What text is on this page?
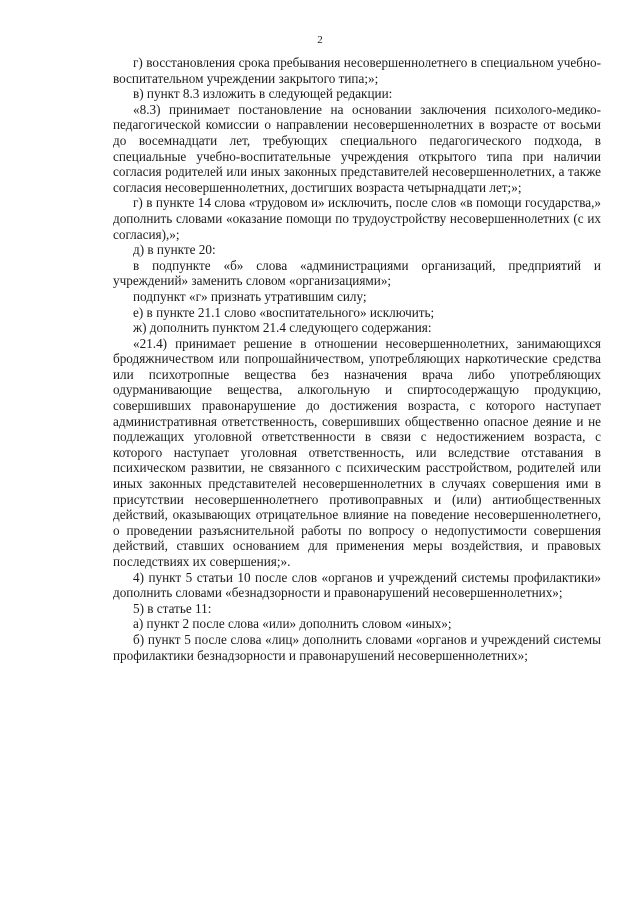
2

г) восстановления срока пребывания несовершеннолетнего в специальном учебно-воспитательном учреждении закрытого типа;»;

в) пункт 8.3 изложить в следующей редакции:

«8.3) принимает постановление на основании заключения психолого-медико-педагогической комиссии о направлении несовершеннолетних в возрасте от восьми до восемнадцати лет, требующих специального педагогического подхода, в специальные учебно-воспитательные учреждения открытого типа при наличии согласия родителей или иных законных представителей несовершеннолетних, а также согласия несовершеннолетних, достигших возраста четырнадцати лет;»;

г) в пункте 14 слова «трудовом и» исключить, после слов «в помощи государства,» дополнить словами «оказание помощи по трудоустройству несовершеннолетних (с их согласия),»;

д) в пункте 20:

в подпункте «б» слова «администрациями организаций, предприятий и учреждений» заменить словом «организациями»;

подпункт «г» признать утратившим силу;

е) в пункте 21.1 слово «воспитательного» исключить;

ж) дополнить пунктом 21.4 следующего содержания:

«21.4) принимает решение в отношении несовершеннолетних, занимающихся бродяжничеством или попрошайничеством, употребляющих наркотические средства или психотропные вещества без назначения врача либо употребляющих одурманивающие вещества, алкогольную и спиртосодержащую продукцию, совершивших правонарушение до достижения возраста, с которого наступает административная ответственность, совершивших общественно опасное деяние и не подлежащих уголовной ответственности в связи с недостижением возраста, с которого наступает уголовная ответственность, или вследствие отставания в психическом развитии, не связанного с психическим расстройством, родителей или иных законных представителей несовершеннолетних в случаях совершения ими в присутствии несовершеннолетнего противоправных и (или) антиобщественных действий, оказывающих отрицательное влияние на поведение несовершеннолетнего, о проведении разъяснительной работы по вопросу о недопустимости совершения действий, ставших основанием для применения меры воздействия, и правовых последствиях их совершения;».

4) пункт 5 статьи 10 после слов «органов и учреждений системы профилактики» дополнить словами «безнадзорности и правонарушений несовершеннолетних»;

5) в статье 11:

а) пункт 2 после слова «или» дополнить словом «иных»;

б) пункт 5 после слова «лиц» дополнить словами «органов и учреждений системы профилактики безнадзорности и правонарушений несовершеннолетних»;
